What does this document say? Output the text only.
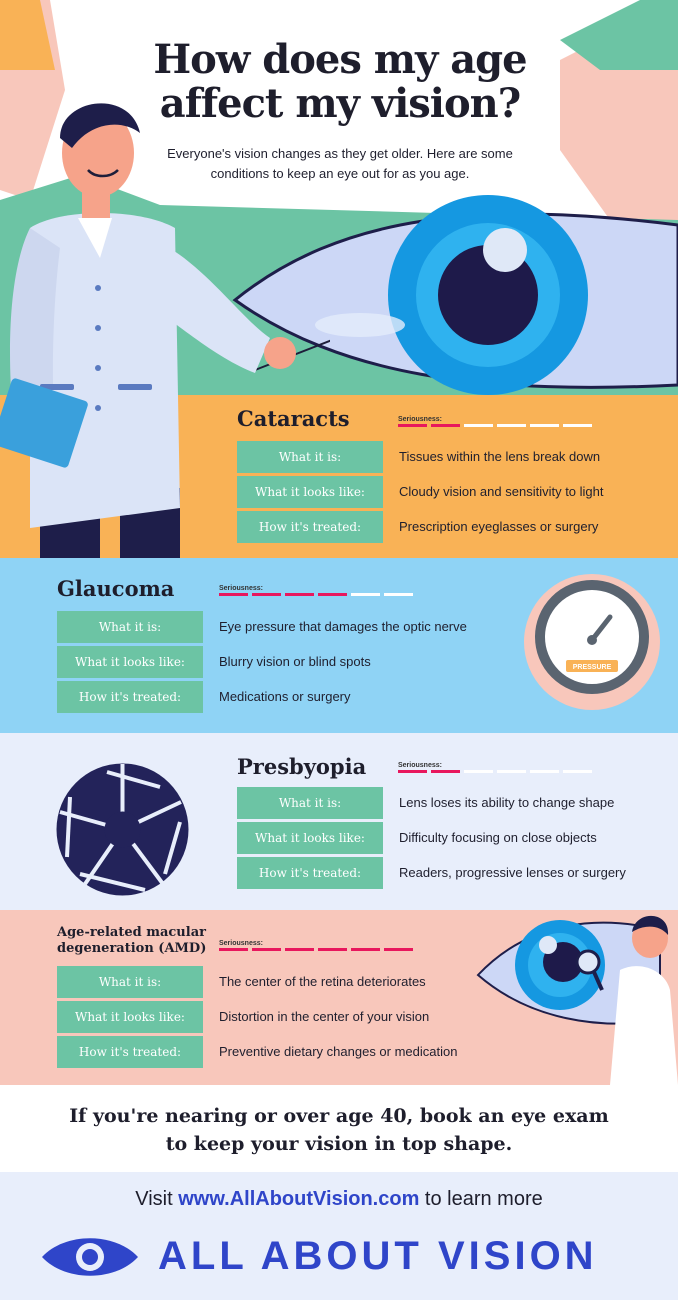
How does my age affect my vision?
Everyone's vision changes as they get older. Here are some conditions to keep an eye out for as you age.
Cataracts	Seriousness:
What it is:	Tissues within the lens break down
What it looks like:	Cloudy vision and sensitivity to light
How it's treated:	Prescription eyeglasses or surgery
Glaucoma	Seriousness:
What it is:	Eye pressure that damages the optic nerve
What it looks like:	Blurry vision or blind spots
How it's treated:	Medications or surgery
PRESSURE
Presbyopia	Seriousness:
What it is:	Lens loses its ability to change shape
What it looks like:	Difficulty focusing on close objects
How it's treated:	Readers, progressive lenses or surgery
Age-related macular degeneration (AMD) Seriousness:
What it is:	The center of the retina deteriorates
What it looks like:	Distortion in the center of your vision
How it's treated:	Preventive dietary changes or medication
If you're nearing or over age 40, book an eye exam to keep your vision in top shape.
Visit www.AllAboutVision.com to learn more
ALL ABOUT VISION
